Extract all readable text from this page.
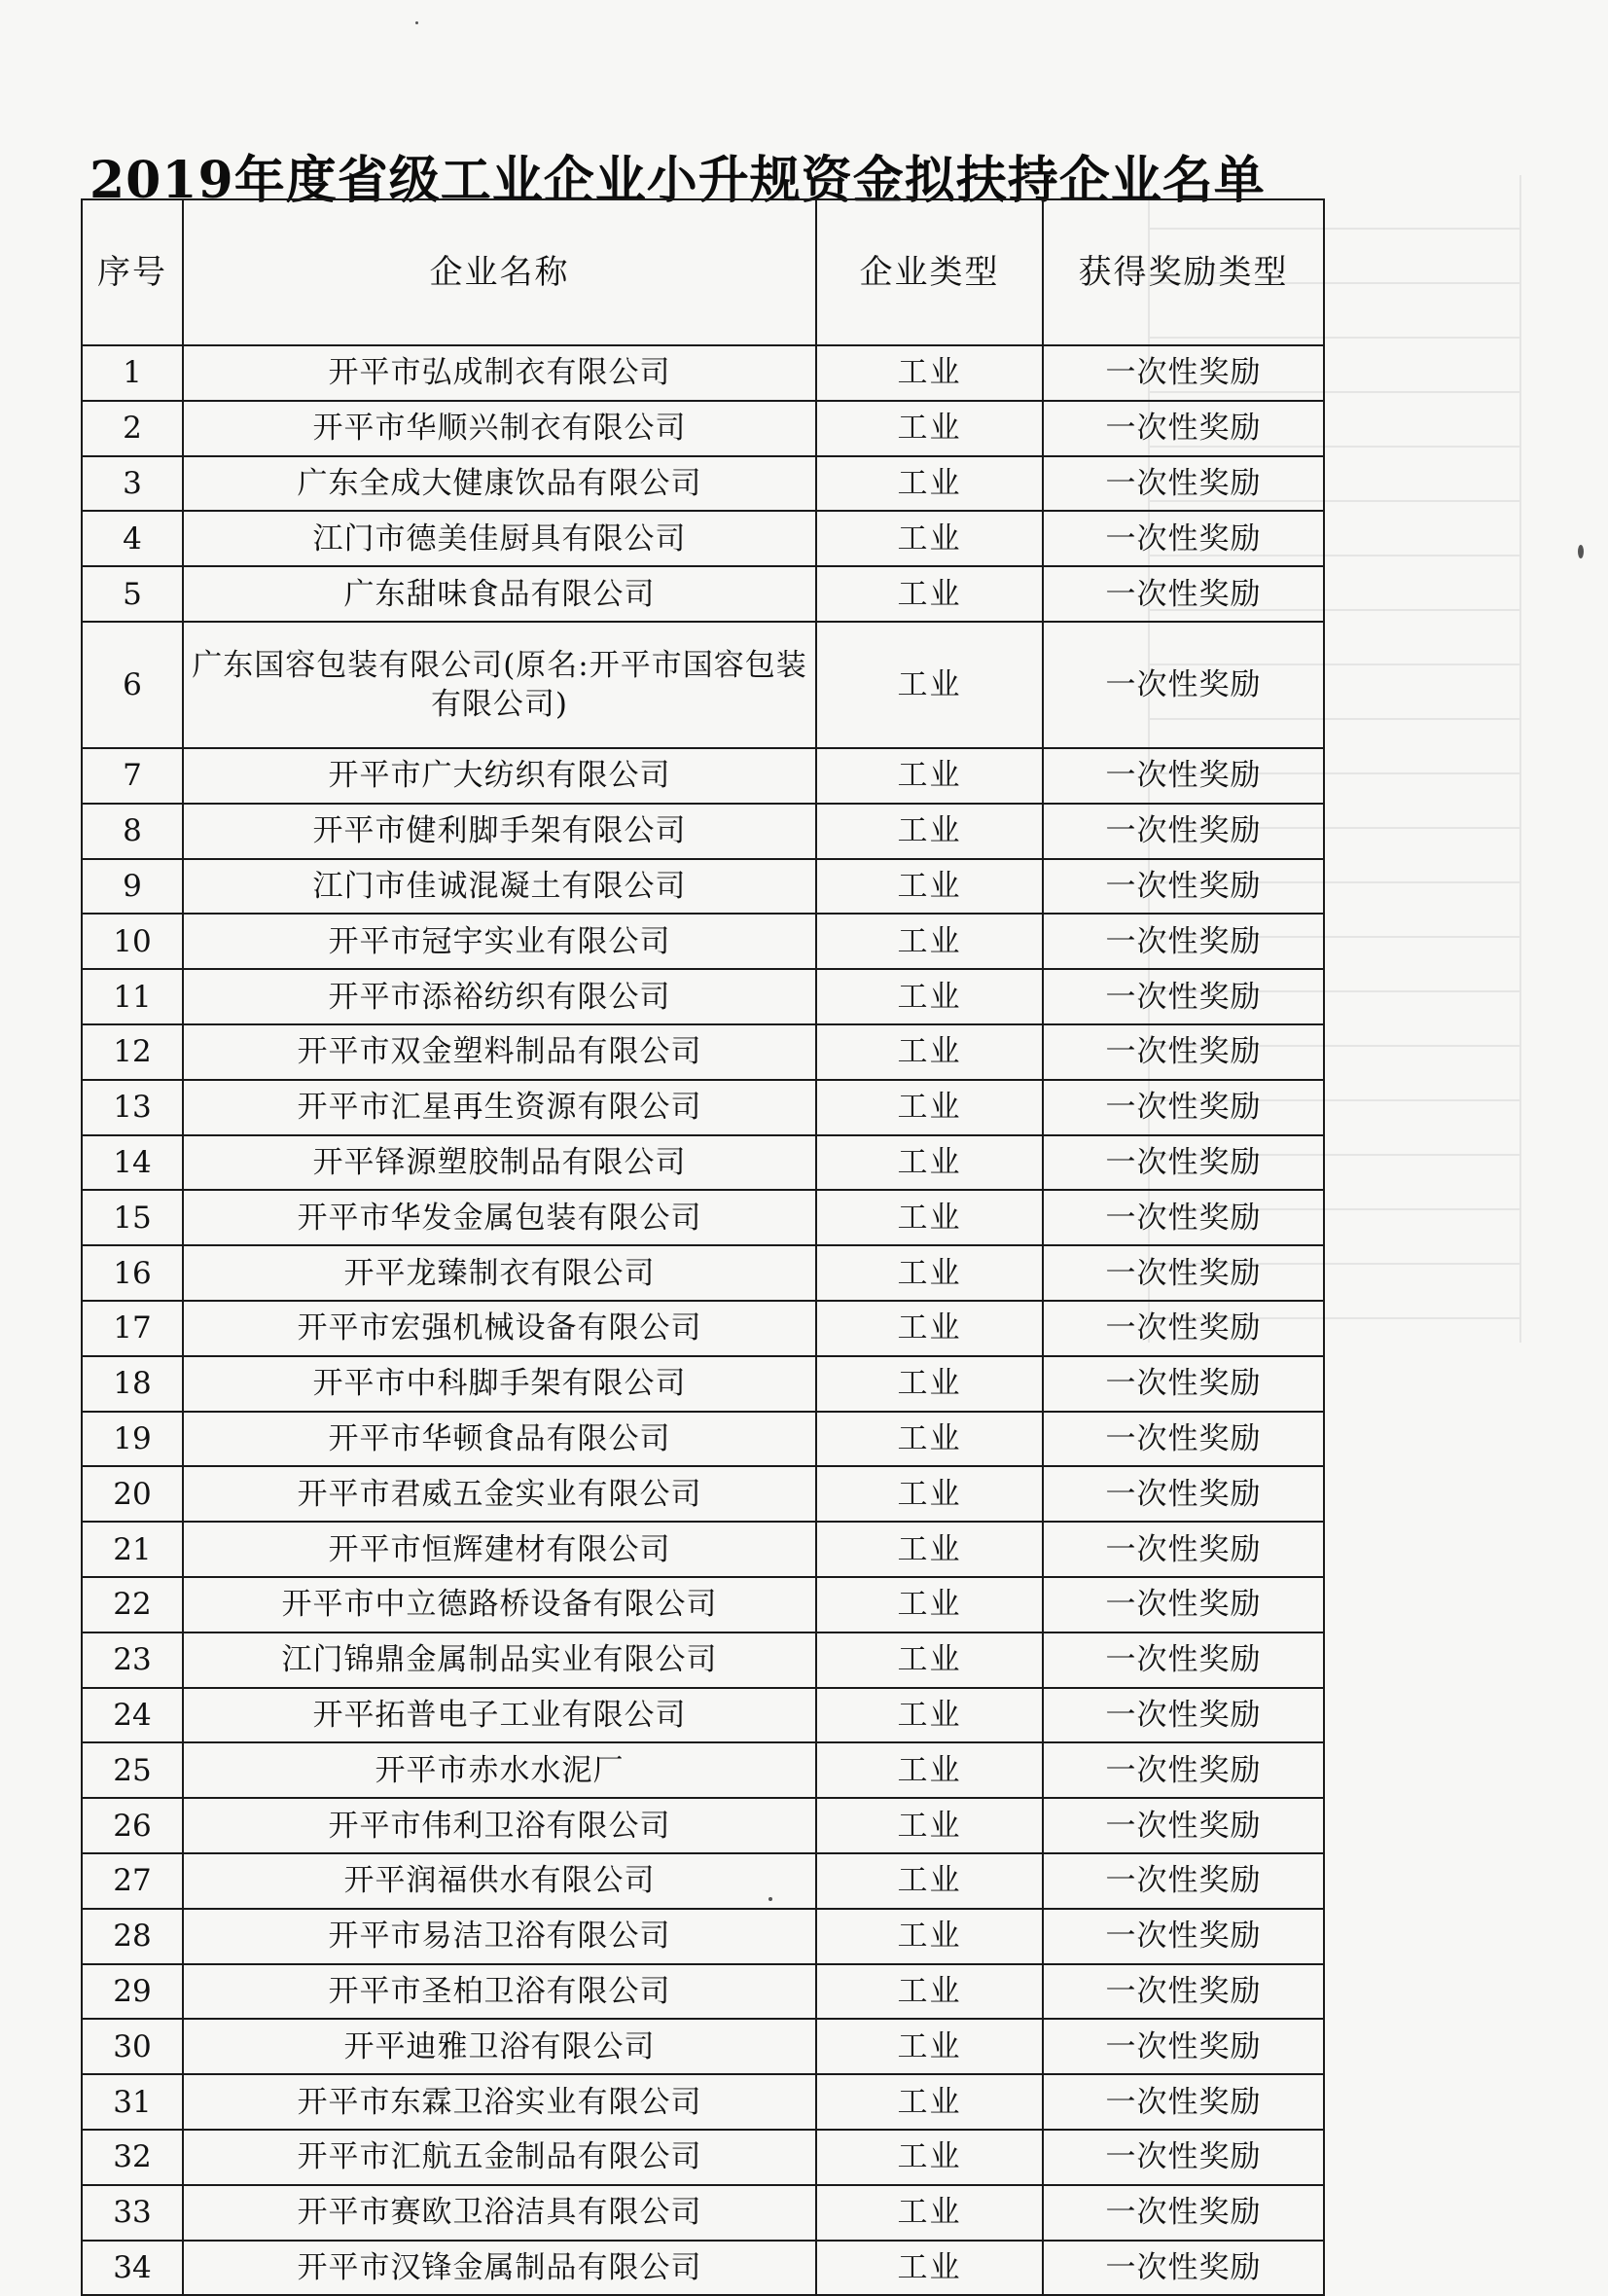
2019年度省级工业企业小升规资金拟扶持企业名单
序号	企业名称	企业类型	获得奖励类型
1	开平市弘成制衣有限公司	工业	一次性奖励
2	开平市华顺兴制衣有限公司	工业	一次性奖励
3	广东全成大健康饮品有限公司	工业	一次性奖励
4	江门市德美佳厨具有限公司	工业	一次性奖励
5	广东甜味食品有限公司	工业	一次性奖励
6	广东国容包装有限公司(原名:开平市国容包装有限公司)	工业	一次性奖励
7	开平市广大纺织有限公司	工业	一次性奖励
8	开平市健利脚手架有限公司	工业	一次性奖励
9	江门市佳诚混凝土有限公司	工业	一次性奖励
10	开平市冠宇实业有限公司	工业	一次性奖励
11	开平市添裕纺织有限公司	工业	一次性奖励
12	开平市双金塑料制品有限公司	工业	一次性奖励
13	开平市汇星再生资源有限公司	工业	一次性奖励
14	开平铎源塑胶制品有限公司	工业	一次性奖励
15	开平市华发金属包装有限公司	工业	一次性奖励
16	开平龙臻制衣有限公司	工业	一次性奖励
17	开平市宏强机械设备有限公司	工业	一次性奖励
18	开平市中科脚手架有限公司	工业	一次性奖励
19	开平市华顿食品有限公司	工业	一次性奖励
20	开平市君威五金实业有限公司	工业	一次性奖励
21	开平市恒辉建材有限公司	工业	一次性奖励
22	开平市中立德路桥设备有限公司	工业	一次性奖励
23	江门锦鼎金属制品实业有限公司	工业	一次性奖励
24	开平拓普电子工业有限公司	工业	一次性奖励
25	开平市赤水水泥厂	工业	一次性奖励
26	开平市伟利卫浴有限公司	工业	一次性奖励
27	开平润福供水有限公司	工业	一次性奖励
28	开平市易洁卫浴有限公司	工业	一次性奖励
29	开平市圣柏卫浴有限公司	工业	一次性奖励
30	开平迪雅卫浴有限公司	工业	一次性奖励
31	开平市东霖卫浴实业有限公司	工业	一次性奖励
32	开平市汇航五金制品有限公司	工业	一次性奖励
33	开平市赛欧卫浴洁具有限公司	工业	一次性奖励
34	开平市汉锋金属制品有限公司	工业	一次性奖励
